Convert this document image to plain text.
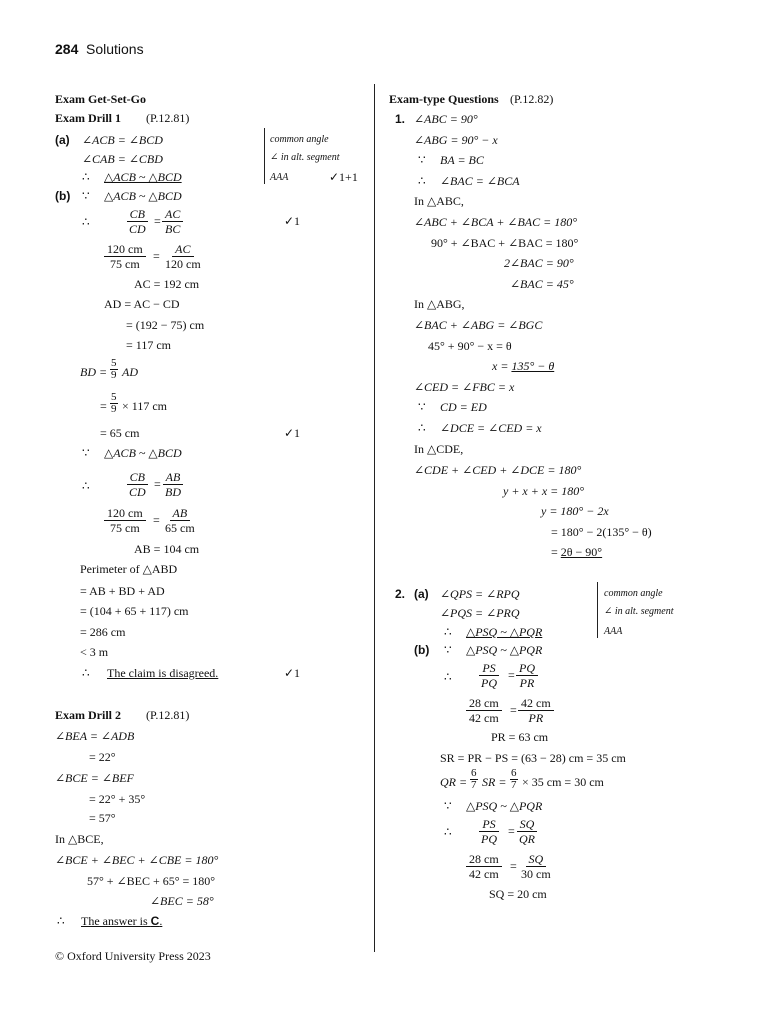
284 Solutions
Exam Get-Set-Go
Exam Drill 1 (P.12.81)
(a) ∠ACB = ∠BCD
∠CAB = ∠CBD
∴ △ACB ~ △BCD
common angle
∠ in alt. segment
AAA	✓1+1
(b) ∵ △ACB ~ △BCD
∴	$\frac{CB}{CD} = \frac{AC}{BC}$	✓1
$\frac{120 cm}{75 cm} = \frac{AC}{120 cm}$
AC = 192 cm
AD = AC − CD
= (192 − 75) cm
= 117 cm
BD =
5
9 AD
=
5
9 × 117 cm
= 65 cm	✓1
∵ △ACB ~ △BCD
∴	$\frac{CB}{CD} = \frac{AB}{BD}$
$\frac{120 cm}{75 cm} = \frac{AB}{65 cm}$
AB = 104 cm
Perimeter of △ABD
= AB + BD + AD
= (104 + 65 + 117) cm
= 286 cm
< 3 m
∴ The claim is disagreed.	✓1
Exam Drill 2 (P.12.81)
∠BEA = ∠ADB
= 22°
∠BCE = ∠BEF
= 22° + 35°
= 57°
In △BCE,
∠BCE + ∠BEC + ∠CBE = 180°
57° + ∠BEC + 65° = 180°
∠BEC = 58°
∴ The answer is C.
© Oxford University Press 2023
Exam-type Questions (P.12.82)
1. ∠ABC = 90°
∠ABG = 90° − x
∵ BA = BC
∴ ∠BAC = ∠BCA
In △ABC,
∠ABC + ∠BCA + ∠BAC = 180°
90° + ∠BAC + ∠BAC = 180°
2∠BAC = 90°
∠BAC = 45°
In △ABG,
∠BAC + ∠ABG = ∠BGC
45° + 90° − x = θ
x = 135° − θ
∠CED = ∠FBC = x
∵ CD = ED
∴ ∠DCE = ∠CED = x
In △CDE,
∠CDE + ∠CED + ∠DCE = 180°
y + x + x = 180°
y = 180° − 2x
= 180° − 2(135° − θ)
= 2θ − 90°
2. (a) ∠QPS = ∠RPQ
∠PQS = ∠PRQ
∴ △PSQ ~ △PQR
common angle
∠ in alt. segment
AAA
(b) ∵ △PSQ ~ △PQR
∴ $\frac{PS}{PQ} = \frac{PQ}{PR}$
$\frac{28 cm}{42 cm} = \frac{42 cm}{PR}$
PR = 63 cm
SR = PR − PS = (63 − 28) cm = 35 cm
QR =
6
7 SR =
6
7 × 35 cm = 30 cm
∵ △PSQ ~ △PQR
∴ $\frac{PS}{PQ} = \frac{SQ}{QR}$
$\frac{28 cm}{42 cm} = \frac{SQ}{30 cm}$
SQ = 20 cm
